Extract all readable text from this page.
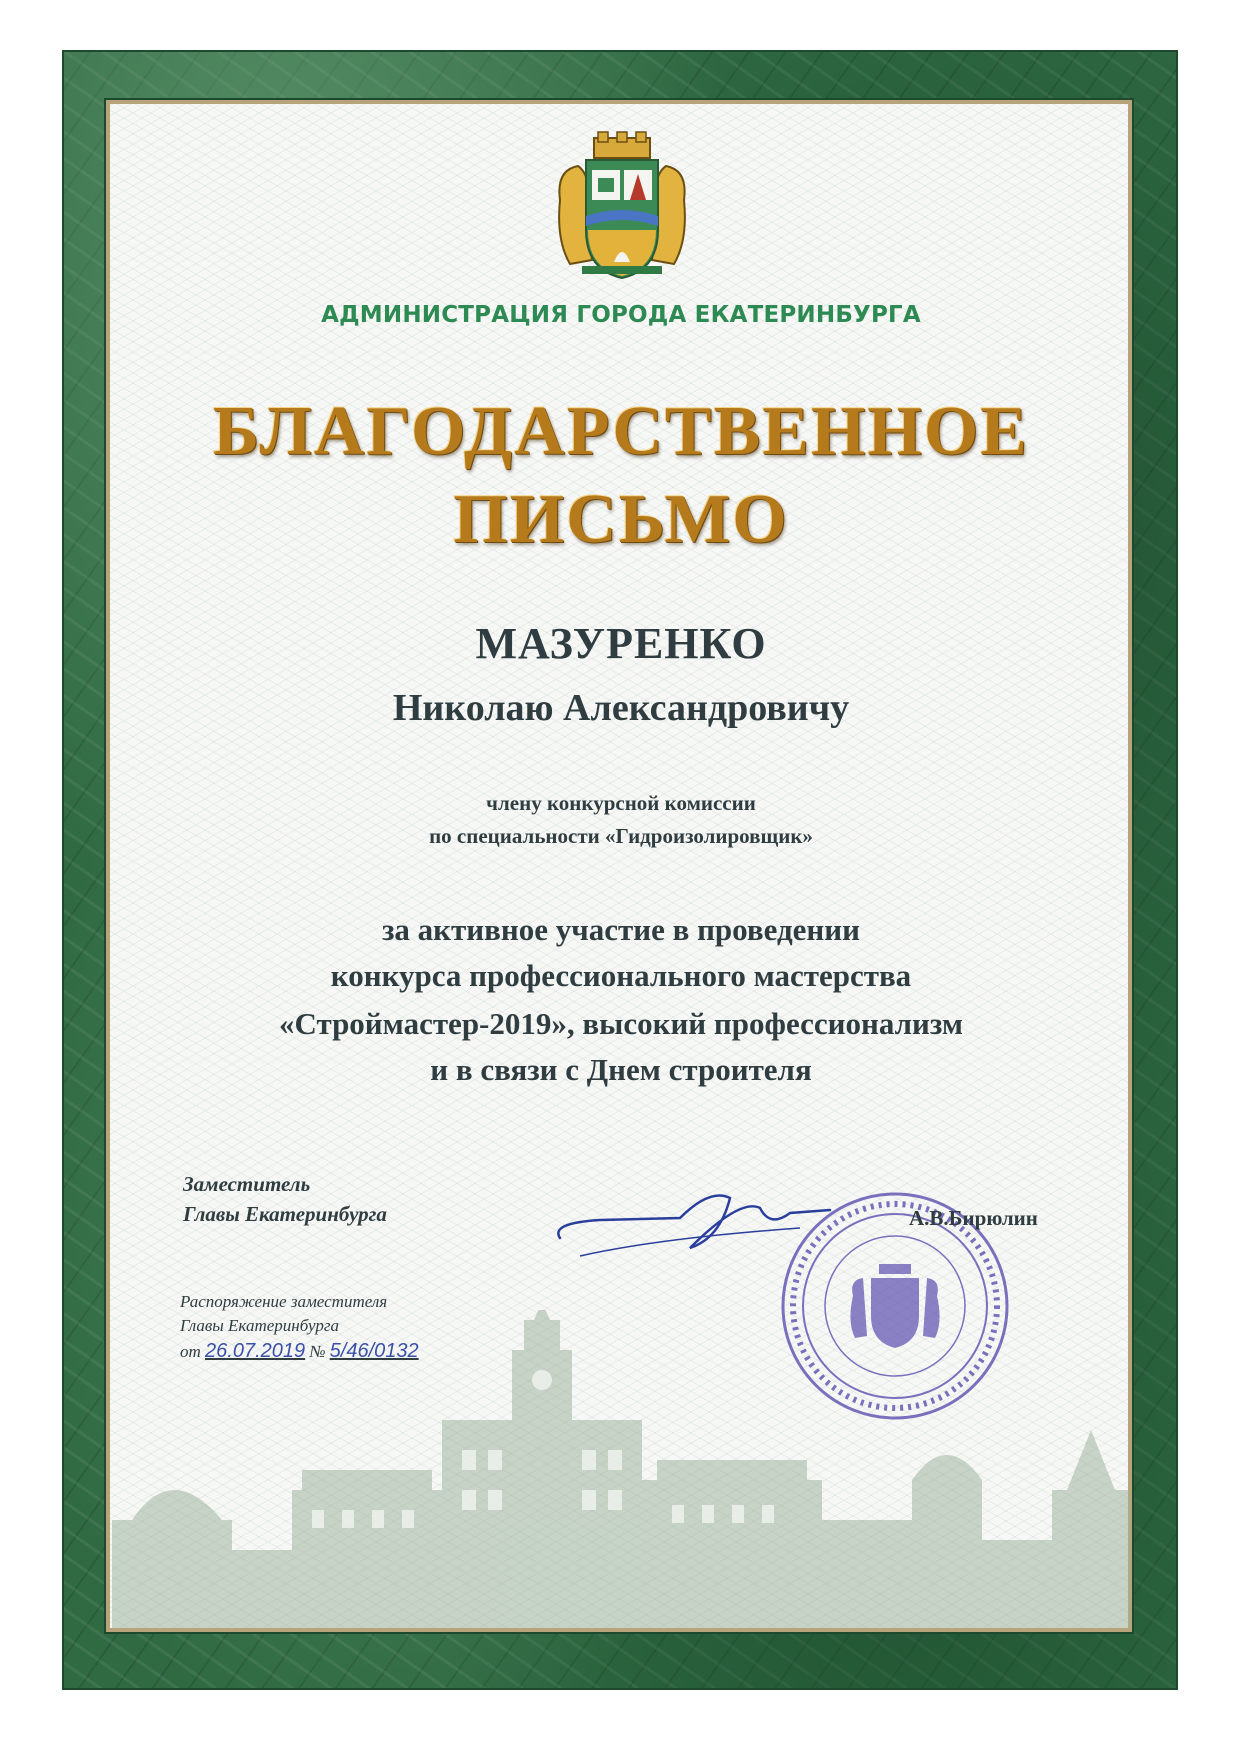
АДМИНИСТРАЦИЯ ГОРОДА ЕКАТЕРИНБУРГА
БЛАГОДАРСТВЕННОЕ
ПИСЬМО
МАЗУРЕНКО
Николаю Александровичу
члену конкурсной комиссии
по специальности «Гидроизолировщик»
за активное участие в проведении
конкурса профессионального мастерства
«Строймастер-2019», высокий профессионализм
и в связи с Днем строителя
Заместитель
Главы Екатеринбурга	А.В.Бирюлин
Распоряжение заместителя
Главы Екатеринбурга
от 26.07.2019 № 5/46/0132
